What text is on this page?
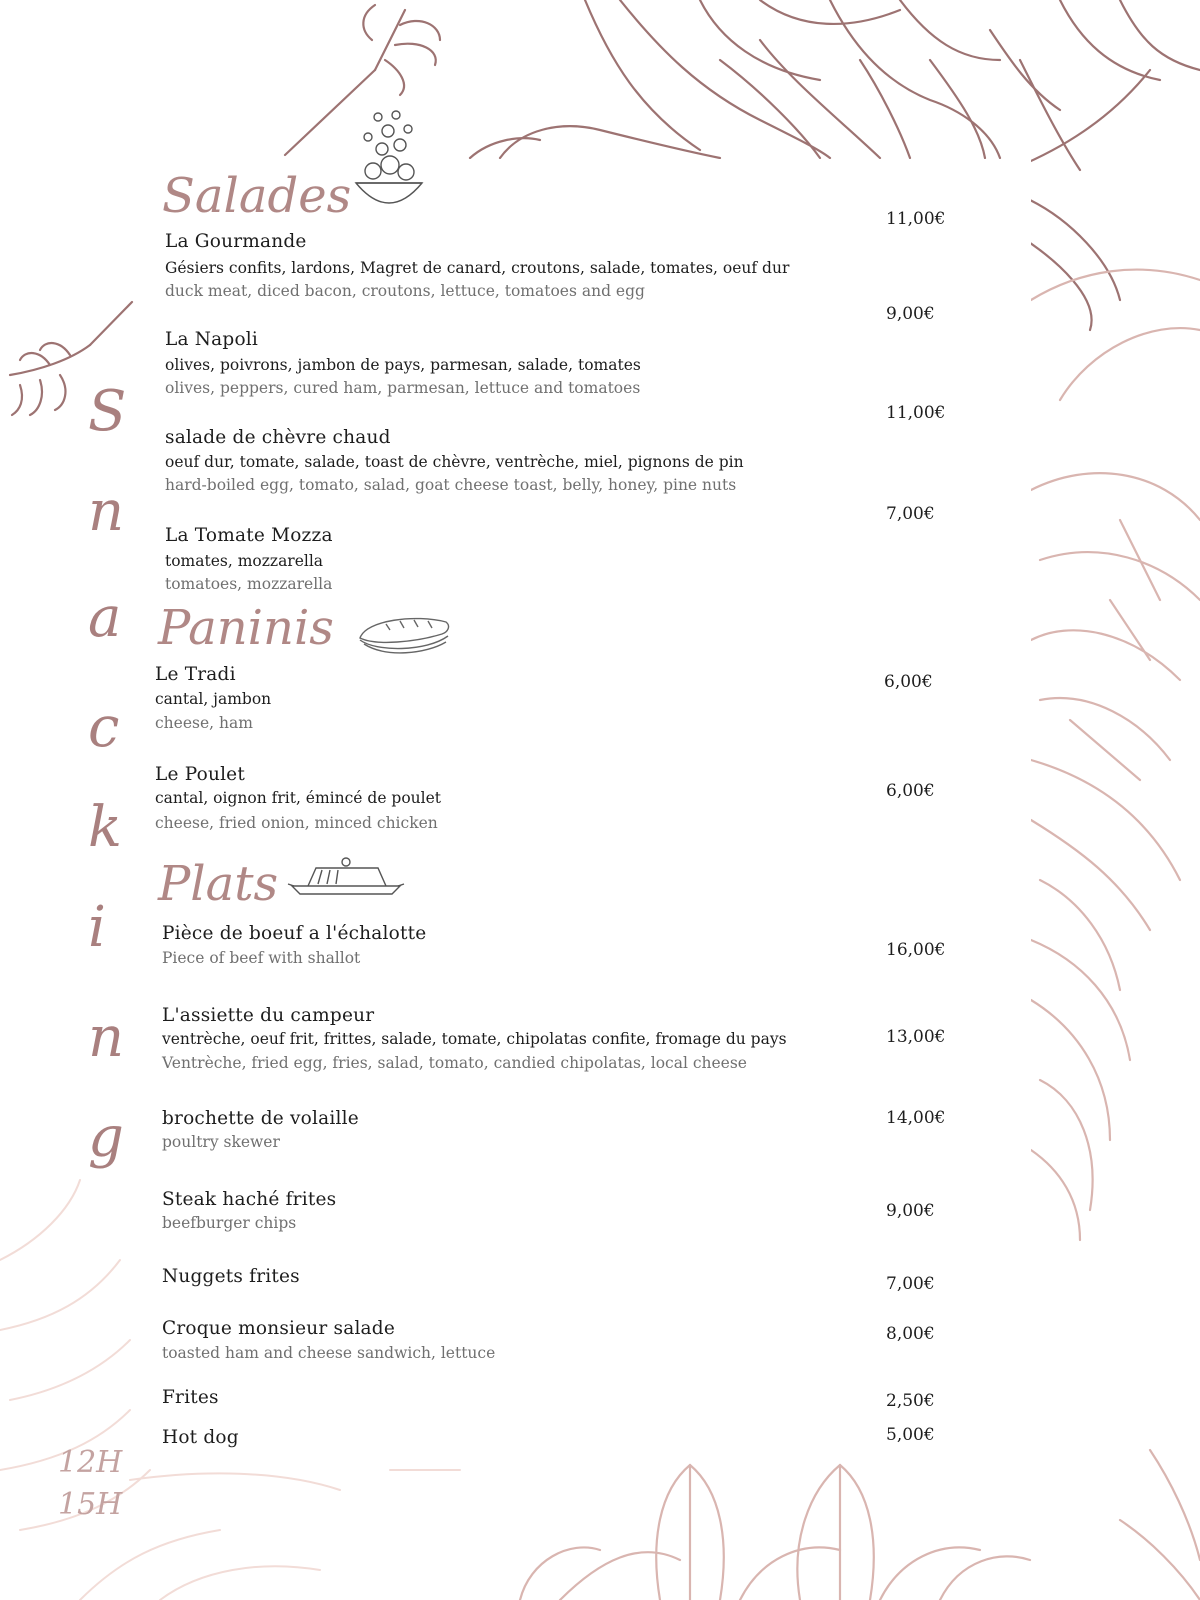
S
n
a
c
k
i
n
g
12H
15H
Salades
La Gourmande
Gésiers confits, lardons, Magret de canard, croutons, salade, tomates, oeuf dur
duck meat, diced bacon, croutons, lettuce, tomatoes and egg
11,00€
La Napoli
olives, poivrons, jambon de pays, parmesan, salade, tomates
olives, peppers, cured ham, parmesan, lettuce and tomatoes
9,00€
salade de chèvre chaud
oeuf dur, tomate, salade, toast de chèvre, ventrèche, miel, pignons de pin
hard-boiled egg, tomato, salad, goat cheese toast, belly, honey, pine nuts
11,00€
La Tomate Mozza
tomates, mozzarella
tomatoes, mozzarella
7,00€
Paninis
Le Tradi
cantal, jambon
cheese, ham
6,00€
Le Poulet
cantal, oignon frit, émincé de poulet
cheese, fried onion, minced chicken
6,00€
Plats
Pièce de boeuf a l'échalotte
Piece of beef with shallot	16,00€
L'assiette du campeur
ventrèche, oeuf frit, frittes, salade, tomate, chipolatas confite, fromage du pays
Ventrèche, fried egg, fries, salad, tomato, candied chipolatas, local cheese
13,00€
brochette de volaille
poultry skewer
14,00€
Steak haché frites
beefburger chips
9,00€
Nuggets frites	7,00€
Croque monsieur salade
toasted ham and cheese sandwich, lettuce
8,00€
Frites	2,50€
Hot dog	5,00€
